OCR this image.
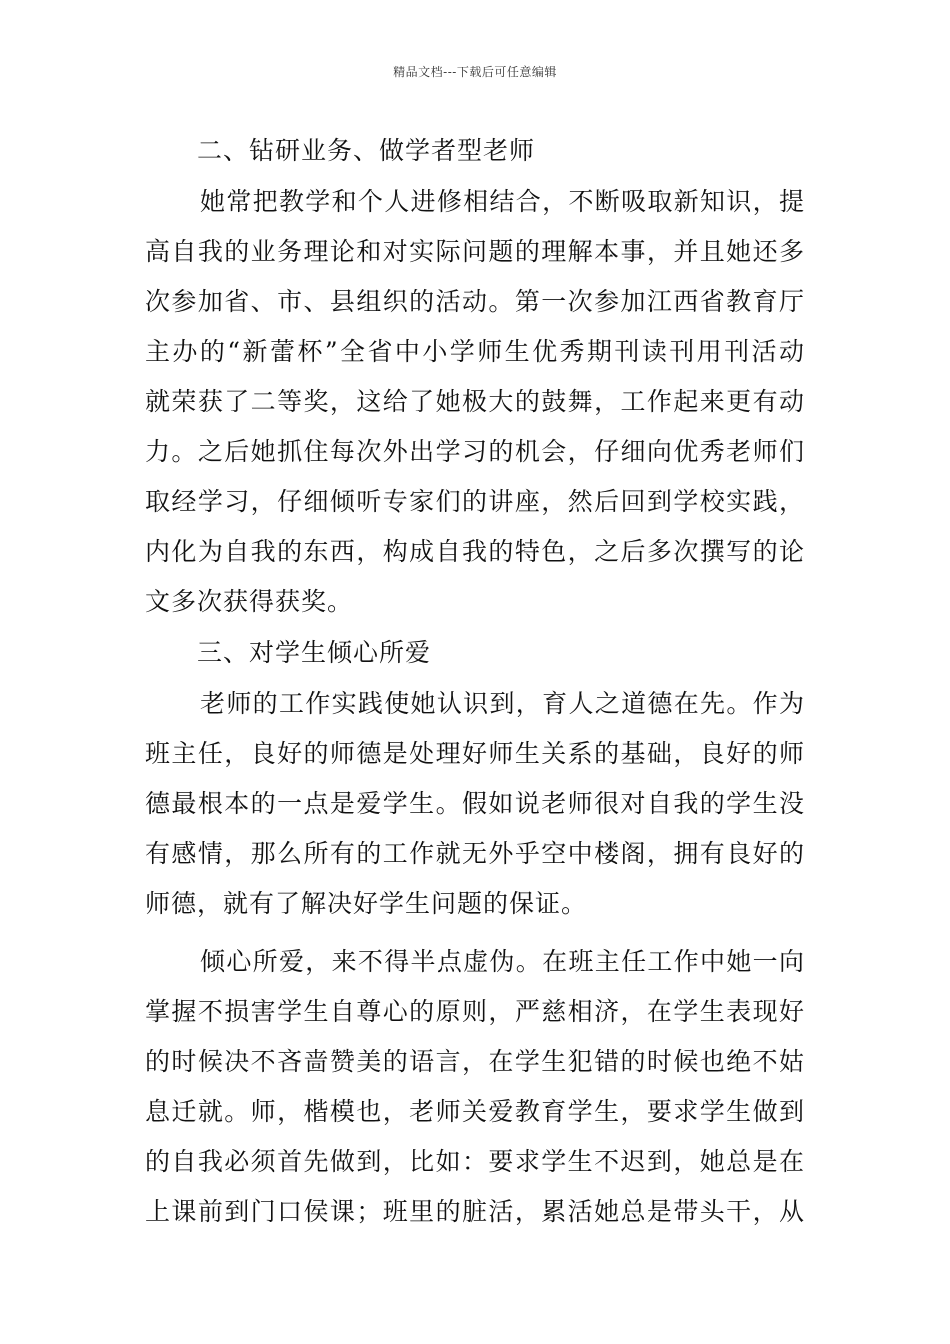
精品文档---下载后可任意编辑
二、钻研业务、做学者型老师
她常把教学和个人进修相结合，不断吸取新知识，提
高自我的业务理论和对实际问题的理解本事，并且她还多
次参加省、市、县组织的活动。第一次参加江西省教育厅
主办的“新蕾杯”全省中小学师生优秀期刊读刊用刊活动
就荣获了二等奖，这给了她极大的鼓舞，工作起来更有动
力。之后她抓住每次外出学习的机会，仔细向优秀老师们
取经学习，仔细倾听专家们的讲座，然后回到学校实践，
内化为自我的东西，构成自我的特色，之后多次撰写的论
文多次获得获奖。
三、对学生倾心所爱
老师的工作实践使她认识到，育人之道德在先。作为
班主任，良好的师德是处理好师生关系的基础，良好的师
德最根本的一点是爱学生。假如说老师很对自我的学生没
有感情，那么所有的工作就无外乎空中楼阁，拥有良好的
师德，就有了解决好学生问题的保证。
倾心所爱，来不得半点虚伪。在班主任工作中她一向
掌握不损害学生自尊心的原则，严慈相济，在学生表现好
的时候决不吝啬赞美的语言，在学生犯错的时候也绝不姑
息迁就。师，楷模也，老师关爱教育学生，要求学生做到
的自我必须首先做到，比如：要求学生不迟到，她总是在
上课前到门口侯课；班里的脏活，累活她总是带头干，从
